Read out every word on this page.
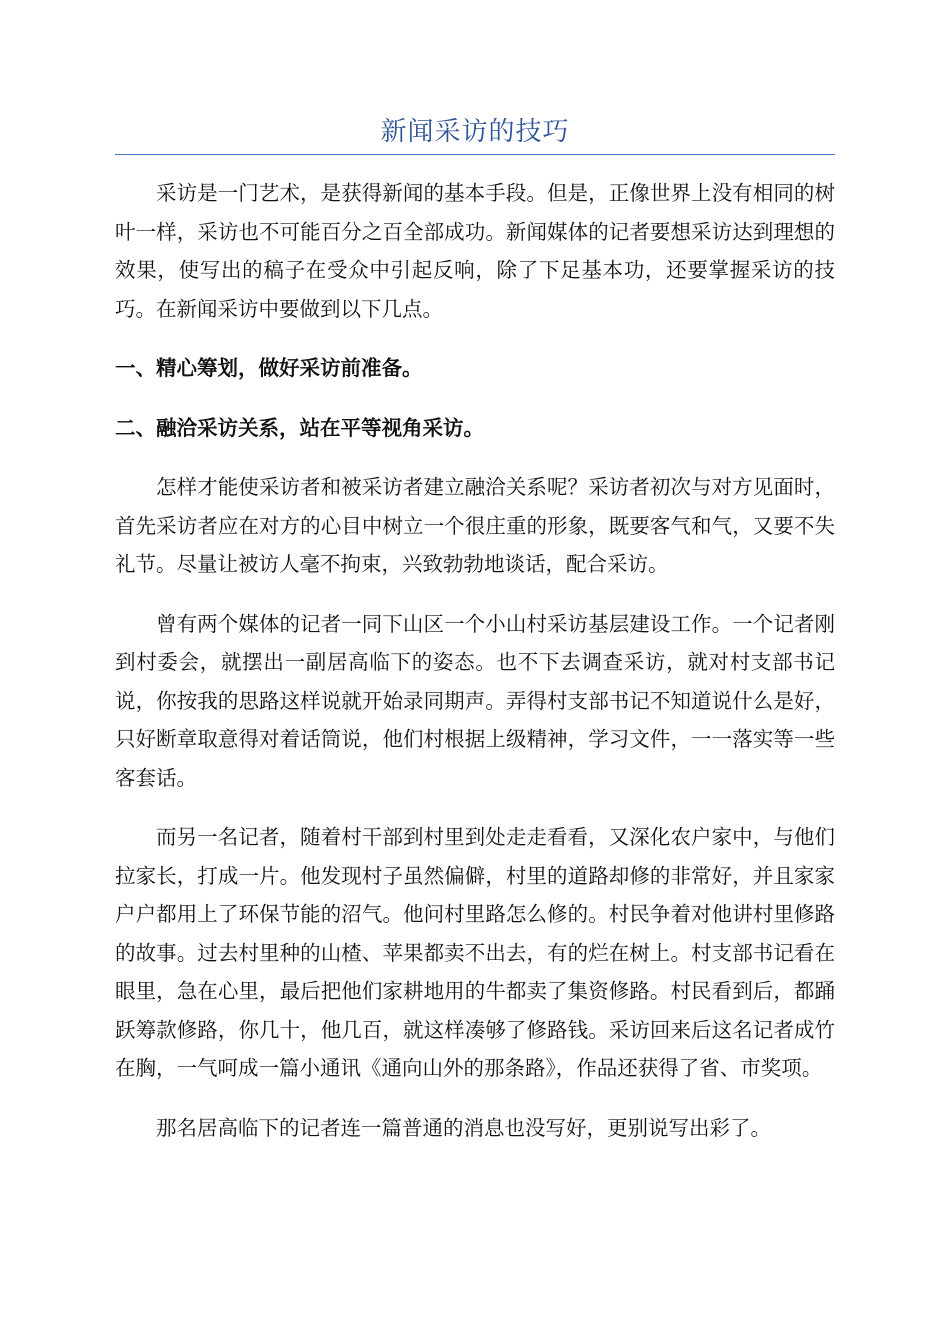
新闻采访的技巧

采访是一门艺术，是获得新闻的基本手段。但是，正像世界上没有相同的树叶一样，采访也不可能百分之百全部成功。新闻媒体的记者要想采访达到理想的效果，使写出的稿子在受众中引起反响，除了下足基本功，还要掌握采访的技巧。在新闻采访中要做到以下几点。

一、精心筹划，做好采访前准备。

二、融洽采访关系，站在平等视角采访。

怎样才能使采访者和被采访者建立融洽关系呢？采访者初次与对方见面时，首先采访者应在对方的心目中树立一个很庄重的形象，既要客气和气，又要不失礼节。尽量让被访人毫不拘束，兴致勃勃地谈话，配合采访。

曾有两个媒体的记者一同下山区一个小山村采访基层建设工作。一个记者刚到村委会，就摆出一副居高临下的姿态。也不下去调查采访，就对村支部书记说，你按我的思路这样说就开始录同期声。弄得村支部书记不知道说什么是好，只好断章取意得对着话筒说，他们村根据上级精神，学习文件，一一落实等一些客套话。

而另一名记者，随着村干部到村里到处走走看看，又深化农户家中，与他们拉家长，打成一片。他发现村子虽然偏僻，村里的道路却修的非常好，并且家家户户都用上了环保节能的沼气。他问村里路怎么修的。村民争着对他讲村里修路的故事。过去村里种的山楂、苹果都卖不出去，有的烂在树上。村支部书记看在眼里，急在心里，最后把他们家耕地用的牛都卖了集资修路。村民看到后，都踊跃筹款修路，你几十，他几百，就这样凑够了修路钱。采访回来后这名记者成竹在胸，一气呵成一篇小通讯《通向山外的那条路》，作品还获得了省、市奖项。

那名居高临下的记者连一篇普通的消息也没写好，更别说写出彩了。
